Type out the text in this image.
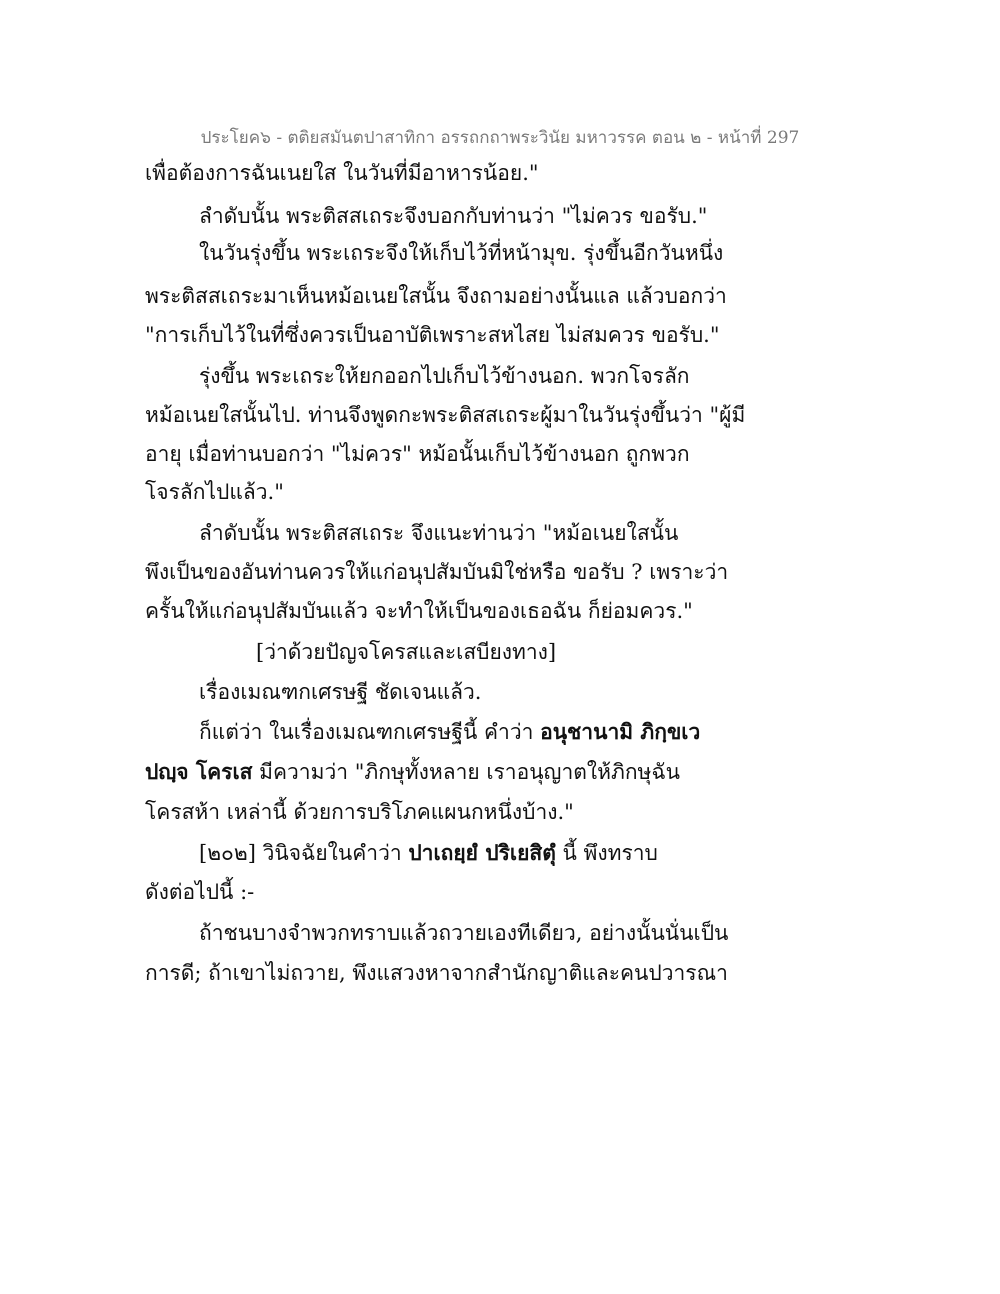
ประโยค๖ - ตติยสมันตปาสาทิกา อรรถกถาพระวินัย มหาวรรค ตอน ๒ - หน้าที่ 297
เพื่อต้องการฉันเนยใส ในวันที่มีอาหารน้อย."
ลำดับนั้น พระติสสเถระจึงบอกกับท่านว่า "ไม่ควร ขอรับ."
ในวันรุ่งขึ้น พระเถระจึงให้เก็บไว้ที่หน้ามุข. รุ่งขึ้นอีกวันหนึ่ง
พระติสสเถระมาเห็นหม้อเนยใสนั้น จึงถามอย่างนั้นแล แล้วบอกว่า
"การเก็บไว้ในที่ซึ่งควรเป็นอาบัติเพราะสหไสย ไม่สมควร ขอรับ."
รุ่งขึ้น พระเถระให้ยกออกไปเก็บไว้ข้างนอก. พวกโจรลัก
หม้อเนยใสนั้นไป. ท่านจึงพูดกะพระติสสเถระผู้มาในวันรุ่งขึ้นว่า "ผู้มี
อายุ เมื่อท่านบอกว่า "ไม่ควร" หม้อนั้นเก็บไว้ข้างนอก ถูกพวก
โจรลักไปแล้ว."
ลำดับนั้น พระติสสเถระ จึงแนะท่านว่า "หม้อเนยใสนั้น
พึงเป็นของอันท่านควรให้แก่อนุปสัมบันมิใช่หรือ ขอรับ ? เพราะว่า
ครั้นให้แก่อนุปสัมบันแล้ว จะทำให้เป็นของเธอฉัน ก็ย่อมควร."
[ว่าด้วยปัญจโครสและเสบียงทาง]
เรื่องเมณฑกเศรษฐี ชัดเจนแล้ว.
ก็แต่ว่า ในเรื่องเมณฑกเศรษฐีนี้ คำว่า อนุชานามิ ภิกฺขเว
ปญฺจ โครเส มีความว่า "ภิกษุทั้งหลาย เราอนุญาตให้ภิกษุฉัน
โครสห้า เหล่านี้ ด้วยการบริโภคแผนกหนึ่งบ้าง."
[๒๐๒] วินิจฉัยในคำว่า ปาเถยฺยํ ปริเยสิตุํ นี้ พึงทราบ
ดังต่อไปนี้ :-
ถ้าชนบางจำพวกทราบแล้วถวายเองทีเดียว, อย่างนั้นนั่นเป็น
การดี; ถ้าเขาไม่ถวาย, พึงแสวงหาจากสำนักญาติและคนปวารณา
